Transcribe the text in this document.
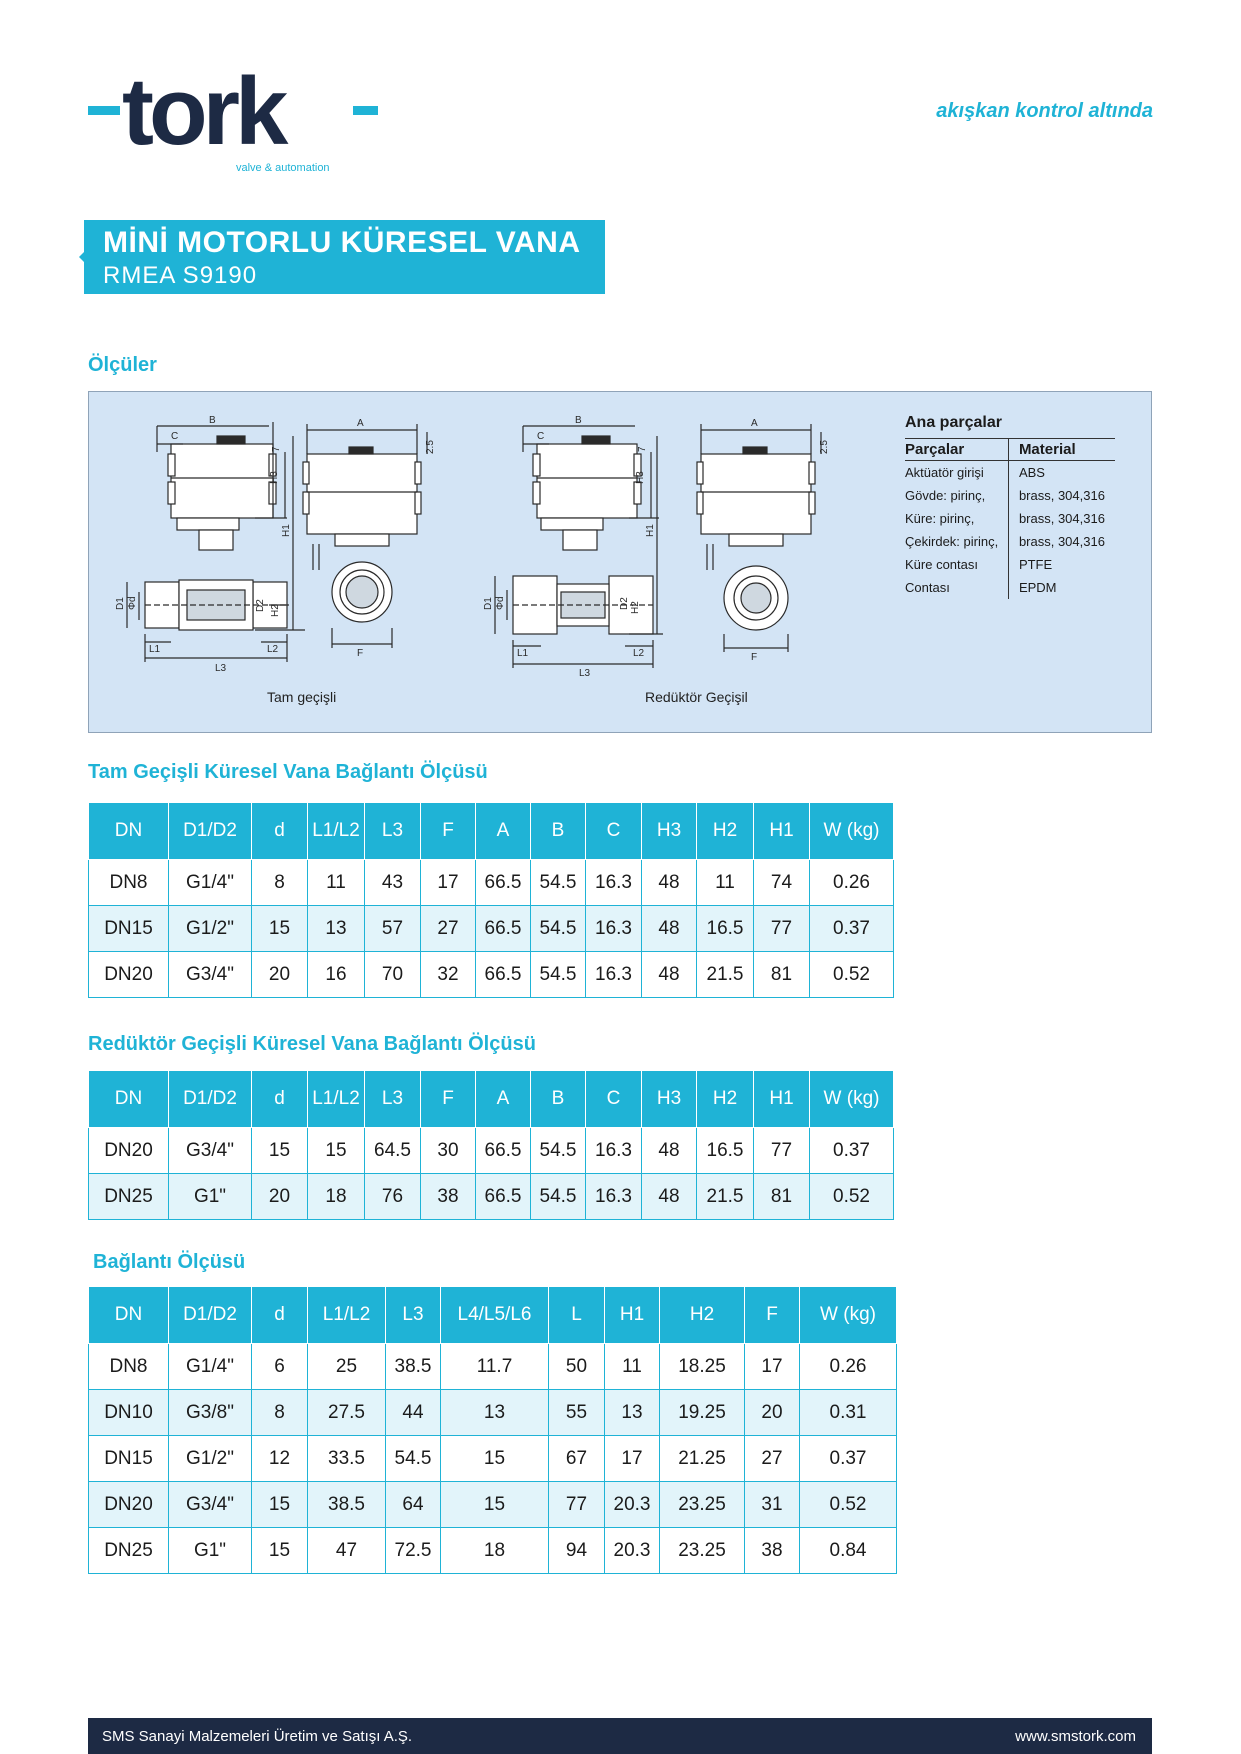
tork
valve & automation
akışkan kontrol altında
MİNİ MOTORLU KÜRESEL VANA
RMEA S9190
Ölçüler
B
C
H3
H1
H2
D1 Φd	D2
L1
L3
L2
7
A
2.5
F
B
C
H3
H1
H2
D1 Φd	D2
L1
L3
L2
7
A
2.5
F
Tam geçişli	Redüktör Geçişil
Ana parçalar
Parçalar	Material
Aktüatör girişi	ABS
Gövde: pirinç,	brass, 304,316
Küre: pirinç,	brass, 304,316
Çekirdek: pirinç,	brass, 304,316
Küre contası	PTFE
Contası	EPDM
Tam Geçişli Küresel Vana Bağlantı Ölçüsü
DN	D1/D2	d	L1/L2	L3	F	A	B	C	H3	H2	H1	W (kg)
DN8	G1/4"	8	11	43	17	66.5	54.5	16.3	48	11	74	0.26
DN15	G1/2"	15	13	57	27	66.5	54.5	16.3	48	16.5	77	0.37
DN20	G3/4"	20	16	70	32	66.5	54.5	16.3	48	21.5	81	0.52
Redüktör Geçişli Küresel Vana Bağlantı Ölçüsü
DN	D1/D2	d	L1/L2	L3	F	A	B	C	H3	H2	H1	W (kg)
DN20	G3/4"	15	15	64.5	30	66.5	54.5	16.3	48	16.5	77	0.37
DN25	G1"	20	18	76	38	66.5	54.5	16.3	48	21.5	81	0.52
Bağlantı Ölçüsü
DN	D1/D2	d	L1/L2	L3	L4/L5/L6	L	H1	H2	F	W (kg)
DN8	G1/4"	6	25	38.5	11.7	50	11	18.25	17	0.26
DN10	G3/8"	8	27.5	44	13	55	13	19.25	20	0.31
DN15	G1/2"	12	33.5	54.5	15	67	17	21.25	27	0.37
DN20	G3/4"	15	38.5	64	15	77	20.3	23.25	31	0.52
DN25	G1"	15	47	72.5	18	94	20.3	23.25	38	0.84
SMS Sanayi Malzemeleri Üretim ve Satışı A.Ş.	www.smstork.com
